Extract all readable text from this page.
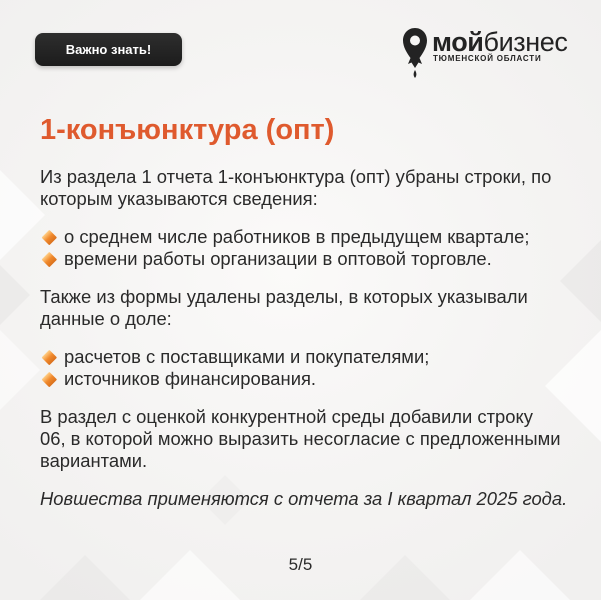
Важно знать!	мойбизнес
ТЮМЕНСКОЙ ОБЛАСТИ
1-конъюнктура (опт)

Из раздела 1 отчета 1-конъюнктура (опт) убраны строки, по
которым указываются сведения:

о среднем числе работников в предыдущем квартале;
времени работы организации в оптовой торговле.

Также из формы удалены разделы, в которых указывали
данные о доле:

расчетов с поставщиками и покупателями;
источников финансирования.

В раздел с оценкой конкурентной среды добавили строку
06, в которой можно выразить несогласие с предложенными
вариантами.

Новшества применяются с отчета за I квартал 2025 года.

5/5
